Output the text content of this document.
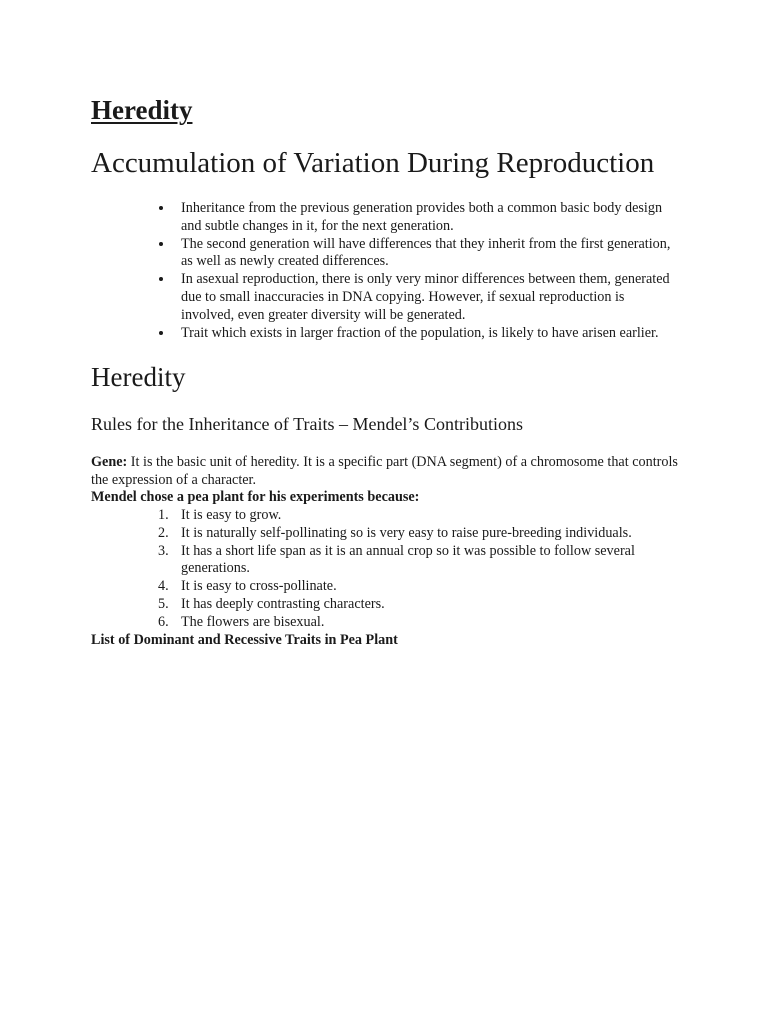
Heredity
Accumulation of Variation During Reproduction
Inheritance from the previous generation provides both a common basic body design and subtle changes in it, for the next generation.
The second generation will have differences that they inherit from the first generation, as well as newly created differences.
In asexual reproduction, there is only very minor differences between them, generated due to small inaccuracies in DNA copying. However, if sexual reproduction is involved, even greater diversity will be generated.
Trait which exists in larger fraction of the population, is likely to have arisen earlier.
Heredity
Rules for the Inheritance of Traits – Mendel’s Contributions

Gene: It is the basic unit of heredity. It is a specific part (DNA segment) of a chromosome that controls the expression of a character.

Mendel chose a pea plant for his experiments because:

1. It is easy to grow.
2. It is naturally self-pollinating so is very easy to raise pure-breeding individuals.
3. It has a short life span as it is an annual crop so it was possible to follow several generations.
4. It is easy to cross-pollinate.
5. It has deeply contrasting characters.
6. The flowers are bisexual.

List of Dominant and Recessive Traits in Pea Plant
